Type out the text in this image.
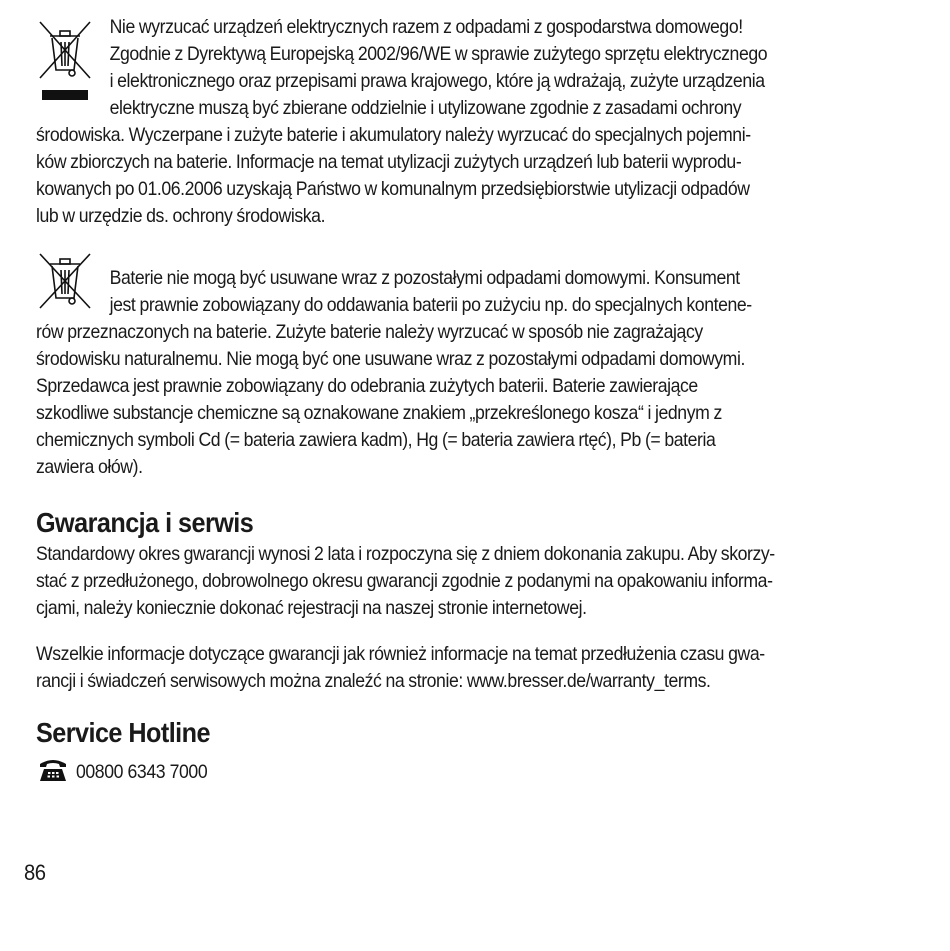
Nie wyrzucać urządzeń elektrycznych razem z odpadami z gospodarstwa domowego!
Zgodnie z Dyrektywą Europejską 2002/96/WE w sprawie zużytego sprzętu elektrycznego
i elektronicznego oraz przepisami prawa krajowego, które ją wdrażają, zużyte urządzenia
elektryczne muszą być zbierane oddzielnie i utylizowane zgodnie z zasadami ochrony
środowiska. Wyczerpane i zużyte baterie i akumulatory należy wyrzucać do specjalnych pojemni-
ków zbiorczych na baterie. Informacje na temat utylizacji zużytych urządzeń lub baterii wyprodu-
kowanych po 01.06.2006 uzyskają Państwo w komunalnym przedsiębiorstwie utylizacji odpadów
lub w urzędzie ds. ochrony środowiska.
Baterie nie mogą być usuwane wraz z pozostałymi odpadami domowymi. Konsument
jest prawnie zobowiązany do oddawania baterii po zużyciu np. do specjalnych kontene-
rów przeznaczonych na baterie. Zużyte baterie należy wyrzucać w sposób nie zagrażający
środowisku naturalnemu. Nie mogą być one usuwane wraz z pozostałymi odpadami domowymi.
Sprzedawca jest prawnie zobowiązany do odebrania zużytych baterii. Baterie zawierające
szkodliwe substancje chemiczne są oznakowane znakiem „przekreślonego kosza“ i jednym z
chemicznych symboli Cd (= bateria zawiera kadm), Hg (= bateria zawiera rtęć), Pb (= bateria
zawiera ołów).
Gwarancja i serwis
Standardowy okres gwarancji wynosi 2 lata i rozpoczyna się z dniem dokonania zakupu. Aby skorzy-
stać z przedłużonego, dobrowolnego okresu gwarancji zgodnie z podanymi na opakowaniu informa-
cjami, należy koniecznie dokonać rejestracji na naszej stronie internetowej.
Wszelkie informacje dotyczące gwarancji jak również informacje na temat przedłużenia czasu gwa-
rancji i świadczeń serwisowych można znaleźć na stronie: www.bresser.de/warranty_terms.
Service Hotline
00800 6343 7000
86
